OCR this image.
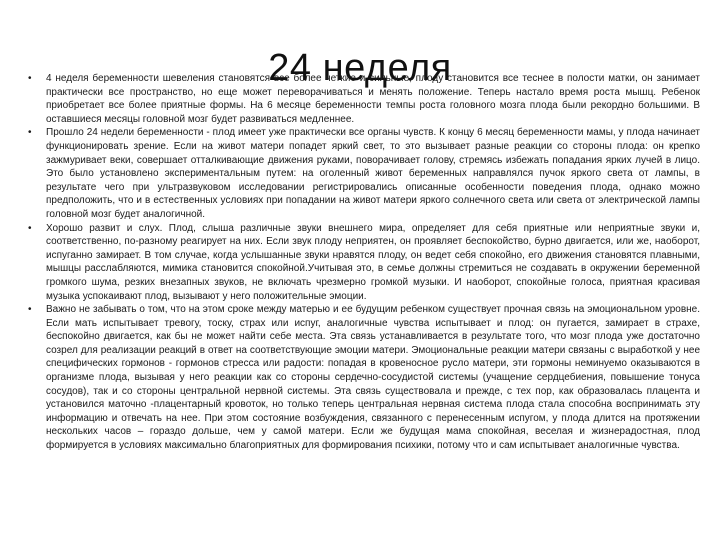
24 неделя
•	4 неделя беременности шевеления становятся все более четкие и сильные, плоду становится все теснее в полости матки, он занимает практически все пространство, но еще может переворачиваться и менять положение. Теперь настало время роста мышц. Ребенок приобретает все более приятные формы. На 6 месяце беременности темпы роста головного мозга плода были рекордно большими. В оставшиеся месяцы головной мозг будет развиваться медленнее.

•	Прошло 24 недели беременности - плод имеет уже практически все органы чувств. К концу 6 месяц беременности мамы, у плода начинает функционировать зрение. Если на живот матери попадет яркий свет, то это вызывает разные реакции со стороны плода: он крепко зажмуривает веки, совершает отталкивающие движения руками, поворачивает голову, стремясь избежать попадания ярких лучей в лицо. Это было установлено экспериментальным путем: на оголенный живот беременных направлялся пучок яркого света от лампы, в результате чего при ультразвуковом исследовании регистрировались описанные особенности поведения плода, однако можно предположить, что и в естественных условиях при попадании на живот матери яркого солнечного света или света от электрической лампы головной мозг будет аналогичной.

•	Хорошо развит и слух. Плод, слыша различные звуки внешнего мира, определяет для себя приятные или неприятные звуки и, соответственно, по-разному реагирует на них. Если звук плоду неприятен, он проявляет беспокойство, бурно двигается, или же, наоборот, испуганно замирает. В том случае, когда услышанные звуки нравятся плоду, он ведет себя спокойно, его движения становятся плавными, мышцы расслабляются, мимика становится спокойной.Учитывая это, в семье должны стремиться не создавать в окружении беременной громкого шума, резких внезапных звуков, не включать чрезмерно громкой музыки. И наоборот, спокойные голоса, приятная красивая музыка успокаивают плод, вызывают у него положительные эмоции.

•	Важно не забывать о том, что на этом сроке между матерью и ее будущим ребенком существует прочная связь на эмоциональном уровне. Если мать испытывает тревогу, тоску, страх или испуг, аналогичные чувства испытывает и плод: он пугается, замирает в страхе, беспокойно двигается, как бы не может найти себе места. Эта связь устанавливается в результате того, что мозг плода уже достаточно созрел для реализации реакций в ответ на соответствующие эмоции матери. Эмоциональные реакции матери связаны с выработкой у нее специфических гормонов - гормонов стресса или радости: попадая в кровеносное русло матери, эти гормоны неминуемо оказываются в организме плода, вызывая у него реакции как со стороны сердечно-сосудистой системы (учащение сердцебиения, повышение тонуса сосудов), так и со стороны центральной нервной системы. Эта связь существовала и прежде, с тех пор, как образовалась плацента и установился маточно -плацентарный кровоток, но только теперь центральная нервная система плода стала способна воспринимать эту информацию и отвечать на нее. При этом состояние возбуждения, связанного с перенесенным испугом, у плода длится на протяжении нескольких часов – гораздо дольше, чем у самой матери. Если же будущая мама спокойная, веселая и жизнерадостная, плод формируется в условиях максимально благоприятных для формирования психики, потому что и сам испытывает аналогичные чувства.
